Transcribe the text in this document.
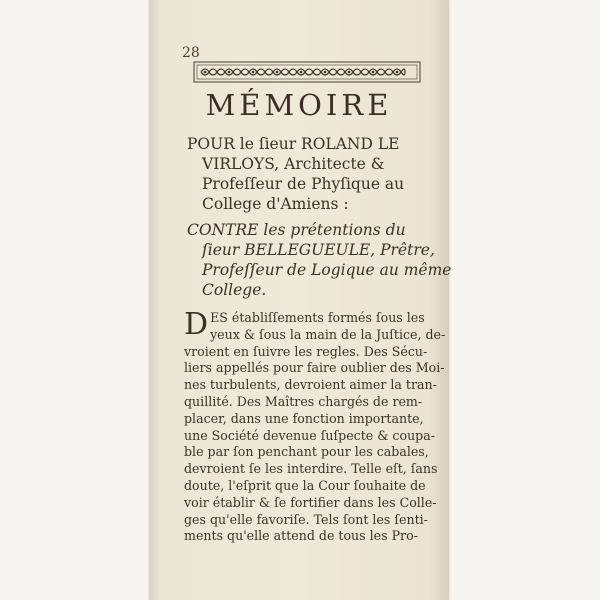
28
MÉMOIRE
POUR le ſieur ROLAND LE
VIRLOYS, Architecte &
Profeſſeur de Phyſique au
College d'Amiens :
CONTRE les prétentions du
ſieur BELLEGUEULE, Prêtre,
Profeſſeur de Logique au même
College.
D ES établiſſements formés ſous les
yeux & ſous la main de la Juſtice, de-
vroient en ſuivre les regles. Des Sécu-
liers appellés pour faire oublier des Moi-
nes turbulents, devroient aimer la tran-
quillité. Des Maîtres chargés de rem-
placer, dans une fonction importante,
une Société devenue ſuſpecte & coupa-
ble par ſon penchant pour les cabales,
devroient ſe les interdire. Telle eſt, ſans
doute, l'eſprit que la Cour ſouhaite de
voir établir & ſe fortifier dans les Colle-
ges qu'elle favoriſe. Tels ſont les ſenti-
ments qu'elle attend de tous les Pro-
